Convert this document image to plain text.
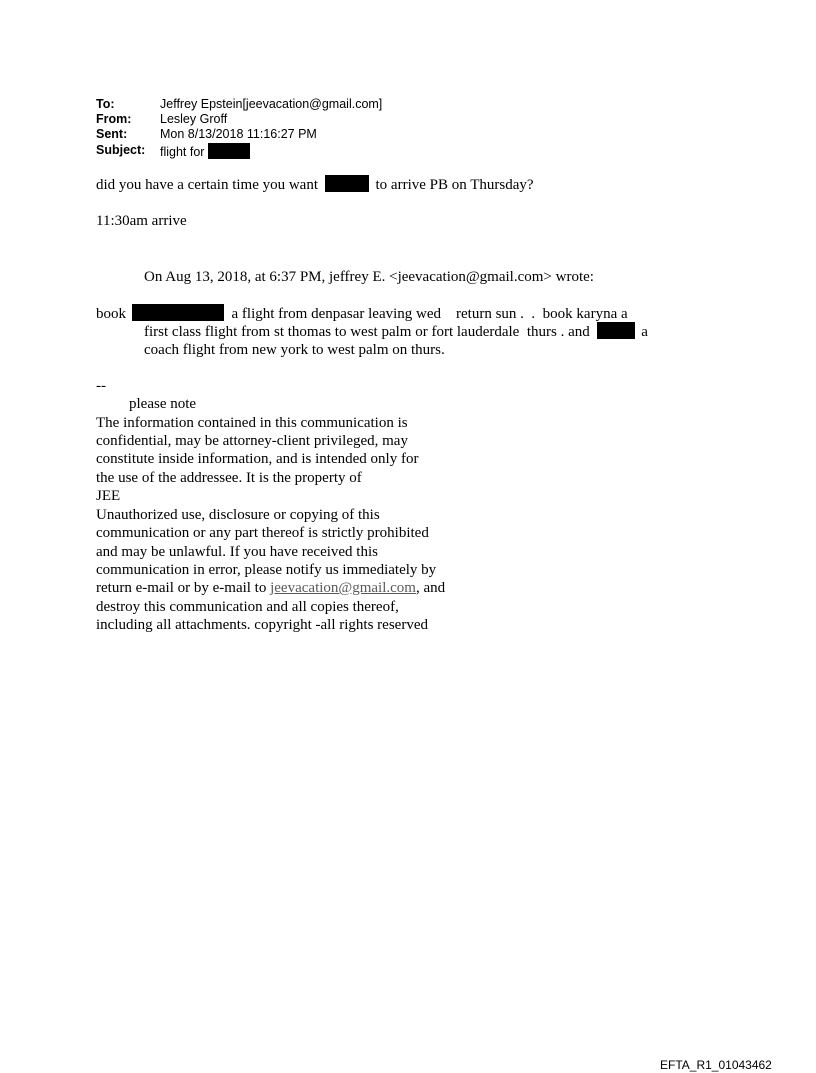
To:	Jeffrey Epstein[jeevacation@gmail.com]
From: Lesley Groff
Sent:	Mon 8/13/2018 11:16:27 PM
Subject: flight for
did you have a certain time you want	to arrive PB on Thursday?
11:30am arrive
On Aug 13, 2018, at 6:37 PM, jeffrey E. <jeevacation@gmail.com> wrote:
book	a flight from denpasar leaving wed    return sun .  .  book karyna a
first class flight from st thomas to west palm or fort lauderdale  thurs . and	a
coach flight from new york to west palm on thurs.
--
please note
The information contained in this communication is
confidential, may be attorney-client privileged, may
constitute inside information, and is intended only for
the use of the addressee. It is the property of
JEE
Unauthorized use, disclosure or copying of this
communication or any part thereof is strictly prohibited
and may be unlawful. If you have received this
communication in error, please notify us immediately by
return e-mail or by e-mail to jeevacation@gmail.com, and
destroy this communication and all copies thereof,
including all attachments. copyright -all rights reserved
EFTA_R1_01043462
